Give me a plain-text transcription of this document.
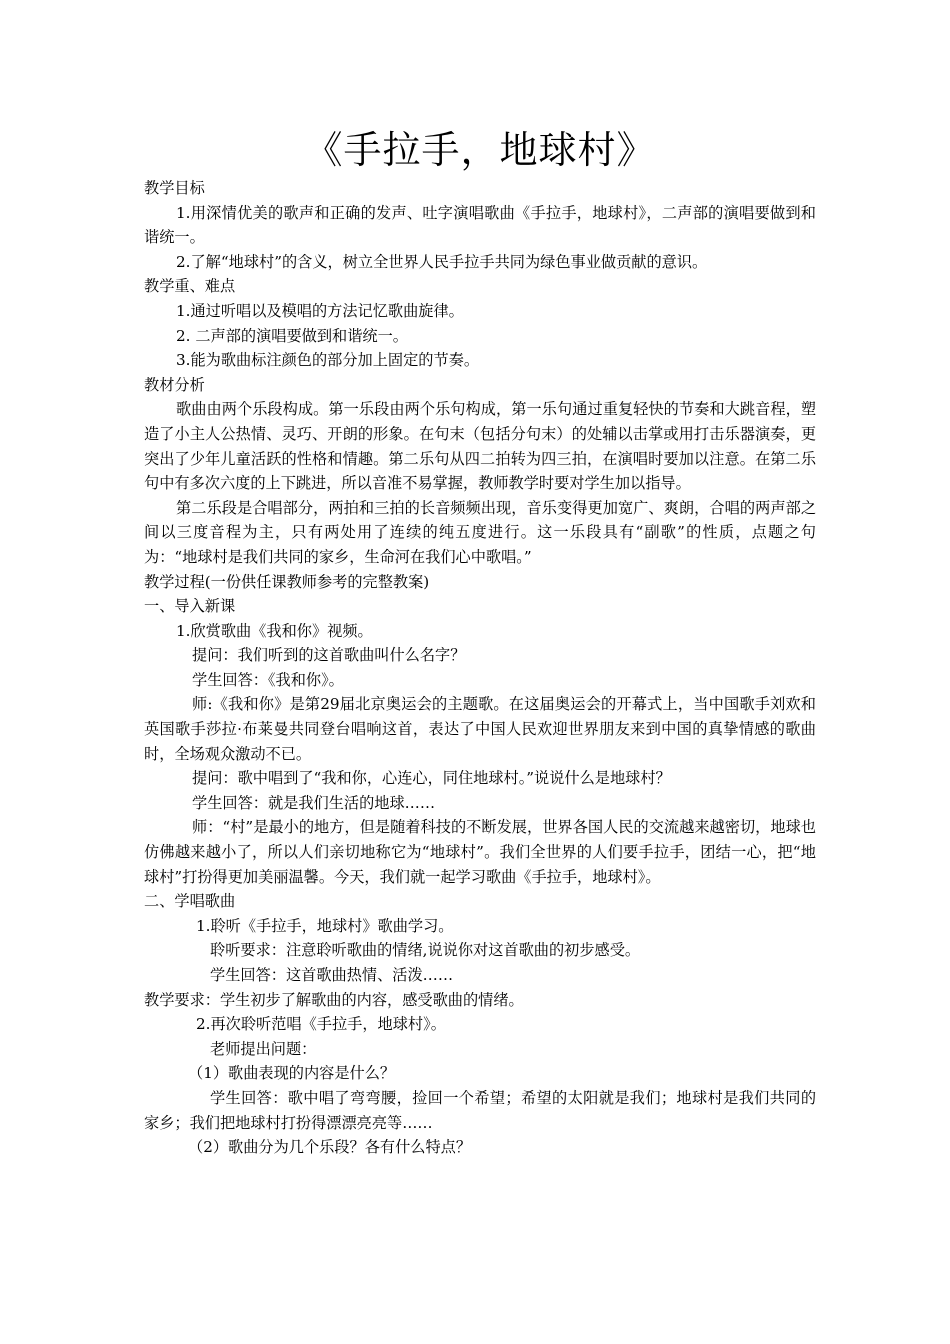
《手拉手，地球村》

教学目标

1.用深情优美的歌声和正确的发声、吐字演唱歌曲《手拉手，地球村》，二声部的演唱要做到和谐统一。

2.了解“地球村”的含义，树立全世界人民手拉手共同为绿色事业做贡献的意识。

教学重、难点

1.通过听唱以及模唱的方法记忆歌曲旋律。

2. 二声部的演唱要做到和谐统一。

3.能为歌曲标注颜色的部分加上固定的节奏。

教材分析

歌曲由两个乐段构成。第一乐段由两个乐句构成，第一乐句通过重复轻快的节奏和大跳音程，塑造了小主人公热情、灵巧、开朗的形象。在句末（包括分句末）的处辅以击掌或用打击乐器演奏，更突出了少年儿童活跃的性格和情趣。第二乐句从四二拍转为四三拍，在演唱时要加以注意。在第二乐句中有多次六度的上下跳进，所以音准不易掌握，教师教学时要对学生加以指导。

第二乐段是合唱部分，两拍和三拍的长音频频出现，音乐变得更加宽广、爽朗，合唱的两声部之间以三度音程为主，只有两处用了连续的纯五度进行。这一乐段具有“副歌”的性质，点题之句为：“地球村是我们共同的家乡，生命河在我们心中歌唱。”

教学过程(一份供任课教师参考的完整教案)

一、导入新课

1.欣赏歌曲《我和你》视频。

提问：我们听到的这首歌曲叫什么名字？

学生回答：《我和你》。

师:《我和你》是第29届北京奥运会的主题歌。在这届奥运会的开幕式上，当中国歌手刘欢和英国歌手莎拉·布莱曼共同登台唱响这首，表达了中国人民欢迎世界朋友来到中国的真挚情感的歌曲时，全场观众激动不已。

提问：歌中唱到了“我和你，心连心，同住地球村。”说说什么是地球村？

学生回答：就是我们生活的地球……

师：“村”是最小的地方，但是随着科技的不断发展，世界各国人民的交流越来越密切，地球也仿佛越来越小了，所以人们亲切地称它为“地球村”。我们全世界的人们要手拉手，团结一心，把“地球村”打扮得更加美丽温馨。今天，我们就一起学习歌曲《手拉手，地球村》。

二、学唱歌曲

1.聆听《手拉手，地球村》歌曲学习。

聆听要求：注意聆听歌曲的情绪,说说你对这首歌曲的初步感受。

学生回答：这首歌曲热情、活泼……

教学要求：学生初步了解歌曲的内容，感受歌曲的情绪。

2.再次聆听范唱《手拉手，地球村》。

老师提出问题：

（1）歌曲表现的内容是什么？

学生回答：歌中唱了弯弯腰，捡回一个希望；希望的太阳就是我们；地球村是我们共同的家乡；我们把地球村打扮得漂漂亮亮等……

（2）歌曲分为几个乐段？各有什么特点？
